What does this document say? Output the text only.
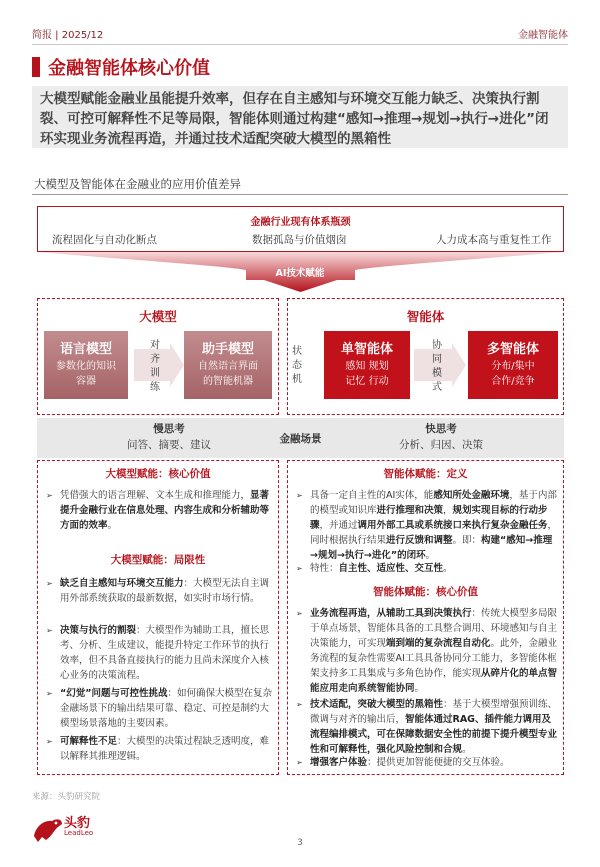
简报 | 2025/12	金融智能体
金融智能体核心价值
大模型赋能金融业虽能提升效率，但存在自主感知与环境交互能力缺乏、决策执行割裂、可控可解释性不足等局限，智能体则通过构建“感知→推理→规划→执行→进化”闭环实现业务流程再造，并通过技术适配突破大模型的黑箱性
大模型及智能体在金融业的应用价值差异
金融行业现有体系瓶颈
流程固化与自动化断点	数据孤岛与价值烟囱	人力成本高与重复性工作
AI技术赋能
大模型
语言模型
参数化的知识
容器
对
齐
训
练
助手模型
自然语言界面
的智能机器
智能体
状
态
机
单智能体
感知 规划
记忆 行动
协
同
模
式
多智能体
分布/集中
合作/竞争
金融场景
慢思考
问答、摘要、建议
快思考
分析、归因、决策
大模型赋能：核心价值
➢ 凭借强大的语言理解、文本生成和推理能力，显著提升金融行业在信息处理、内容生成和分析辅助等方面的效率。
大模型赋能：局限性
➢ 缺乏自主感知与环境交互能力：大模型无法自主调用外部系统获取的最新数据，如实时市场行情。
➢ 决策与执行的割裂：大模型作为辅助工具，擅长思考、分析、生成建议，能提升特定工作环节的执行效率，但不具备直接执行的能力且尚未深度介入核心业务的决策流程。
➢ “幻觉”问题与可控性挑战：如何确保大模型在复杂金融场景下的输出结果可靠、稳定、可控是制约大模型场景落地的主要因素。
➢ 可解释性不足：大模型的决策过程缺乏透明度，难以解释其推理逻辑。
智能体赋能：定义
➢ 具备一定自主性的AI实体，能感知所处金融环境，基于内部的模型或知识库进行推理和决策，规划实现目标的行动步骤，并通过调用外部工具或系统接口来执行复杂金融任务，同时根据执行结果进行反馈和调整。即：构建“感知→推理→规划→执行→进化”的闭环。
➢ 特性：自主性、适应性、交互性。
智能体赋能：核心价值
➢ 业务流程再造，从辅助工具到决策执行：传统大模型多局限于单点场景，智能体具备的工具整合调用、环境感知与自主决策能力，可实现端到端的复杂流程自动化。此外，金融业务流程的复杂性需要AI工具具备协同分工能力，多智能体框架支持多工具集成与多角色协作，能实现从碎片化的单点智能应用走向系统智能协同。
➢ 技术适配，突破大模型的黑箱性：基于大模型增强预训练、微调与对齐的输出后，智能体通过RAG、插件能力调用及流程编排模式，可在保障数据安全性的前提下提升模型专业性和可解释性，强化风险控制和合规。
➢ 增强客户体验：提供更加智能便捷的交互体验。
来源：头豹研究院
头豹
LeadLeo
3
